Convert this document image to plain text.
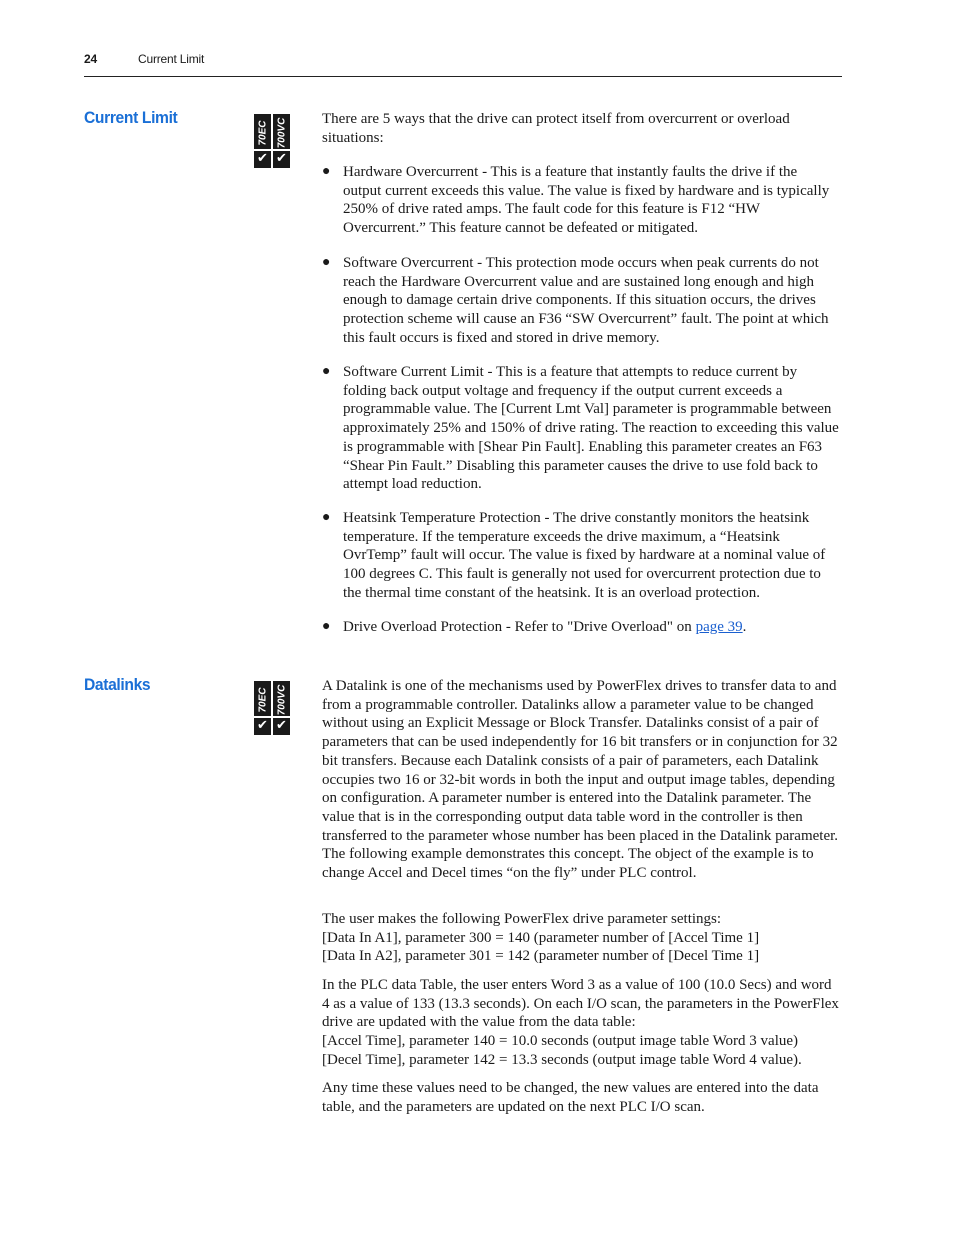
24	Current Limit
Current Limit
70EC
✔
700VC
✔

There are 5 ways that the drive can protect itself from overcurrent or overload situations:

● Hardware Overcurrent - This is a feature that instantly faults the drive if the output current exceeds this value. The value is fixed by hardware and is typically 250% of drive rated amps. The fault code for this feature is F12 “HW Overcurrent.” This feature cannot be defeated or mitigated.
● Software Overcurrent - This protection mode occurs when peak currents do not reach the Hardware Overcurrent value and are sustained long enough and high enough to damage certain drive components. If this situation occurs, the drives protection scheme will cause an F36 “SW Overcurrent” fault. The point at which this fault occurs is fixed and stored in drive memory.
● Software Current Limit - This is a feature that attempts to reduce current by folding back output voltage and frequency if the output current exceeds a programmable value. The [Current Lmt Val] parameter is programmable between approximately 25% and 150% of drive rating. The reaction to exceeding this value is programmable with [Shear Pin Fault]. Enabling this parameter creates an F63 “Shear Pin Fault.” Disabling this parameter causes the drive to use fold back to attempt load reduction.
● Heatsink Temperature Protection - The drive constantly monitors the heatsink temperature. If the temperature exceeds the drive maximum, a “Heatsink OvrTemp” fault will occur. The value is fixed by hardware at a nominal value of 100 degrees C. This fault is generally not used for overcurrent protection due to the thermal time constant of the heatsink. It is an overload protection.
● Drive Overload Protection - Refer to "Drive Overload" on page 39.
Datalinks
70EC
✔
700VC
✔

A Datalink is one of the mechanisms used by PowerFlex drives to transfer data to and from a programmable controller. Datalinks allow a parameter value to be changed without using an Explicit Message or Block Transfer. Datalinks consist of a pair of parameters that can be used independently for 16 bit transfers or in conjunction for 32 bit transfers. Because each Datalink consists of a pair of parameters, each Datalink occupies two 16 or 32-bit words in both the input and output image tables, depending on configuration. A parameter number is entered into the Datalink parameter. The value that is in the corresponding output data table word in the controller is then transferred to the parameter whose number has been placed in the Datalink parameter. The following example demonstrates this concept. The object of the example is to change Accel and Decel times “on the fly” under PLC control.

The user makes the following PowerFlex drive parameter settings:

[Data In A1], parameter 300 = 140 (parameter number of [Accel Time 1]

[Data In A2], parameter 301 = 142 (parameter number of [Decel Time 1]

In the PLC data Table, the user enters Word 3 as a value of 100 (10.0 Secs) and word 4 as a value of 133 (13.3 seconds). On each I/O scan, the parameters in the PowerFlex drive are updated with the value from the data table:

[Accel Time], parameter 140 = 10.0 seconds (output image table Word 3 value)

[Decel Time], parameter 142 = 13.3 seconds (output image table Word 4 value).

Any time these values need to be changed, the new values are entered into the data table, and the parameters are updated on the next PLC I/O scan.
